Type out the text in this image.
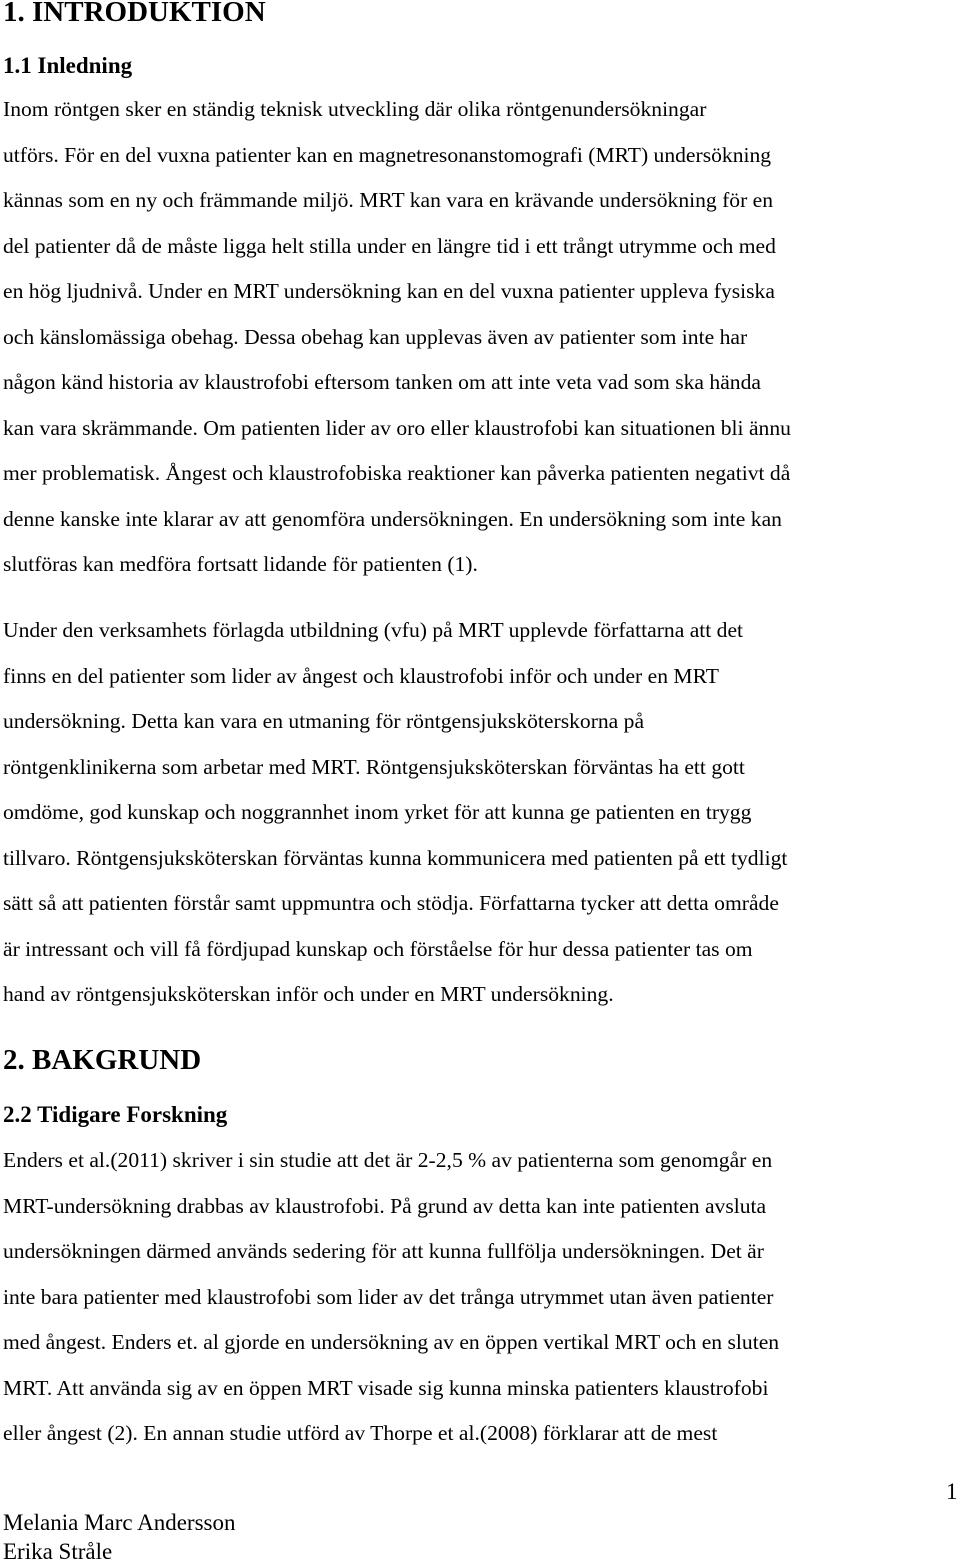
1. INTRODUKTION
1.1 Inledning
Inom röntgen sker en ständig teknisk utveckling där olika röntgenundersökningar
utförs. För en del vuxna patienter kan en magnetresonanstomografi (MRT) undersökning
kännas som en ny och främmande miljö. MRT kan vara en krävande undersökning för en
del patienter då de måste ligga helt stilla under en längre tid i ett trångt utrymme och med
en hög ljudnivå. Under en MRT undersökning kan en del vuxna patienter uppleva fysiska
och känslomässiga obehag. Dessa obehag kan upplevas även av patienter som inte har
någon känd historia av klaustrofobi eftersom tanken om att inte veta vad som ska hända
kan vara skrämmande. Om patienten lider av oro eller klaustrofobi kan situationen bli ännu
mer problematisk. Ångest och klaustrofobiska reaktioner kan påverka patienten negativt då
denne kanske inte klarar av att genomföra undersökningen. En undersökning som inte kan
slutföras kan medföra fortsatt lidande för patienten (1).
Under den verksamhets förlagda utbildning (vfu) på MRT upplevde författarna att det
finns en del patienter som lider av ångest och klaustrofobi inför och under en MRT
undersökning. Detta kan vara en utmaning för röntgensjuksköterskorna på
röntgenklinikerna som arbetar med MRT. Röntgensjuksköterskan förväntas ha ett gott
omdöme, god kunskap och noggrannhet inom yrket för att kunna ge patienten en trygg
tillvaro. Röntgensjuksköterskan förväntas kunna kommunicera med patienten på ett tydligt
sätt så att patienten förstår samt uppmuntra och stödja. Författarna tycker att detta område
är intressant och vill få fördjupad kunskap och förståelse för hur dessa patienter tas om
hand av röntgensjuksköterskan inför och under en MRT undersökning.
2. BAKGRUND
2.2 Tidigare Forskning
Enders et al.(2011) skriver i sin studie att det är 2-2,5 % av patienterna som genomgår en
MRT-undersökning drabbas av klaustrofobi. På grund av detta kan inte patienten avsluta
undersökningen därmed används sedering för att kunna fullfölja undersökningen. Det är
inte bara patienter med klaustrofobi som lider av det trånga utrymmet utan även patienter
med ångest. Enders et. al gjorde en undersökning av en öppen vertikal MRT och en sluten
MRT. Att använda sig av en öppen MRT visade sig kunna minska patienters klaustrofobi
eller ångest (2). En annan studie utförd av Thorpe et al.(2008) förklarar att de mest
1
Melania Marc Andersson
Erika Stråle
